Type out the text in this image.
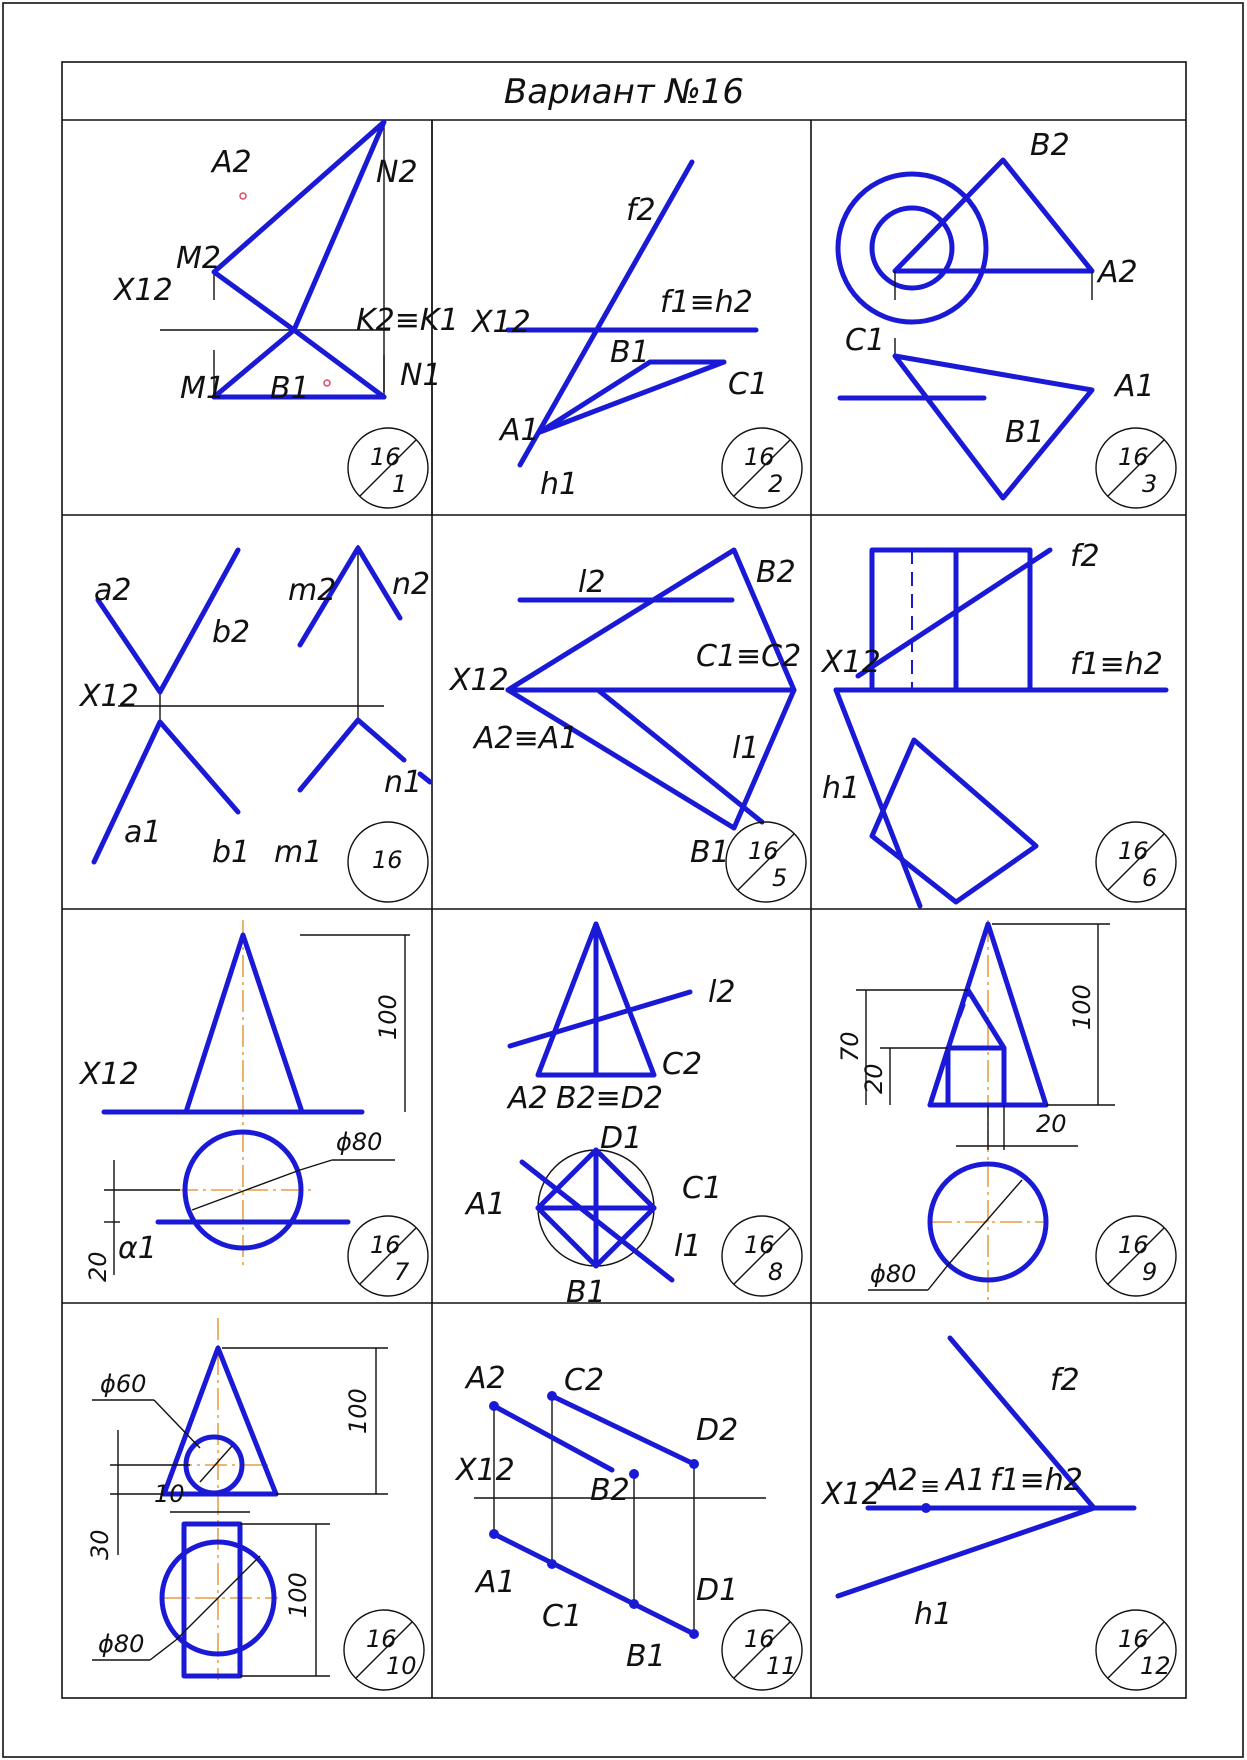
Вариант №16
A2	N2
M2
X12
K2≡K1
M1 B1	N1
16
1
f2
X12
f1≡h2
B1
C1
A1
h1
16
2
B2
A2
C1
A1
B1
16
3
a2
b2
m2 n2
X12
n1
a1
b1 m1 16
l2	B2
X12
C1≡C2
A2≡A1	l1
B1 16
5
f2
X12	f1≡h2
h1
16
6
X12
100
ϕ80
20
α1	16
7
l2
C2
A2 B2≡D2
D1
A1	C1
l1
B1
16
8
100
70
20
20
ϕ80
16
9
ϕ60
100
10
30
100
ϕ80	16
10
A2 C2
D2
X12
B2
A1
C1
B1
D1
16
11
f2
X12
A2 ≡ A1 f1≡h2
h1
16
12
